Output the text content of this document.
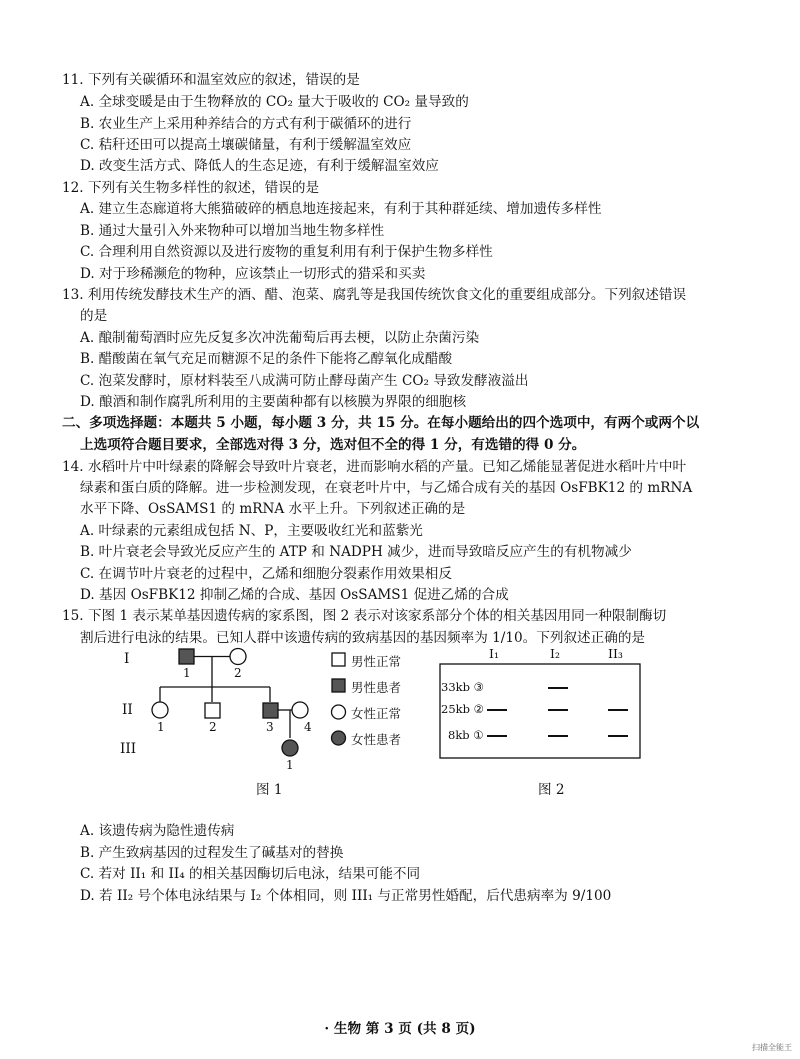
11. 下列有关碳循环和温室效应的叙述，错误的是
A. 全球变暖是由于生物释放的 CO₂ 量大于吸收的 CO₂ 量导致的
B. 农业生产上采用种养结合的方式有利于碳循环的进行
C. 秸秆还田可以提高土壤碳储量，有利于缓解温室效应
D. 改变生活方式、降低人的生态足迹，有利于缓解温室效应
12. 下列有关生物多样性的叙述，错误的是
A. 建立生态廊道将大熊猫破碎的栖息地连接起来，有利于其种群延续、增加遗传多样性
B. 通过大量引入外来物种可以增加当地生物多样性
C. 合理利用自然资源以及进行废物的重复利用有利于保护生物多样性
D. 对于珍稀濒危的物种，应该禁止一切形式的猎采和买卖
13. 利用传统发酵技术生产的酒、醋、泡菜、腐乳等是我国传统饮食文化的重要组成部分。下列叙述错误
的是
A. 酿制葡萄酒时应先反复多次冲洗葡萄后再去梗，以防止杂菌污染
B. 醋酸菌在氧气充足而糖源不足的条件下能将乙醇氧化成醋酸
C. 泡菜发酵时，原材料装至八成满可防止酵母菌产生 CO₂ 导致发酵液溢出
D. 酿酒和制作腐乳所利用的主要菌种都有以核膜为界限的细胞核
二、多项选择题：本题共 5 小题，每小题 3 分，共 15 分。在每小题给出的四个选项中，有两个或两个以
上选项符合题目要求，全部选对得 3 分，选对但不全的得 1 分，有选错的得 0 分。
14. 水稻叶片中叶绿素的降解会导致叶片衰老，进而影响水稻的产量。已知乙烯能显著促进水稻叶片中叶
绿素和蛋白质的降解。进一步检测发现，在衰老叶片中，与乙烯合成有关的基因 OsFBK12 的 mRNA
水平下降、OsSAMS1 的 mRNA 水平上升。下列叙述正确的是
A. 叶绿素的元素组成包括 N、P，主要吸收红光和蓝紫光
B. 叶片衰老会导致光反应产生的 ATP 和 NADPH 减少，进而导致暗反应产生的有机物减少
C. 在调节叶片衰老的过程中，乙烯和细胞分裂素作用效果相反
D. 基因 OsFBK12 抑制乙烯的合成、基因 OsSAMS1 促进乙烯的合成
15. 下图 1 表示某单基因遗传病的家系图，图 2 表示对该家系部分个体的相关基因用同一种限制酶切
割后进行电泳的结果。已知人群中该遗传病的致病基因的基因频率为 1/10。下列叙述正确的是
A. 该遗传病为隐性遗传病
B. 产生致病基因的过程发生了碱基对的替换
C. 若对 II₁ 和 II₄ 的相关基因酶切后电泳，结果可能不同
D. 若 II₂ 号个体电泳结果与 I₂ 个体相同，则 III₁ 与正常男性婚配，后代患病率为 9/100
I
II
III
1	2
1	2	3	4
1
图 1
男性正常
男性患者
女性正常
女性患者
I₁	I₂	II₃
33kb ③
25kb ②
8kb ①
图 2
· 生物 第 3 页 (共 8 页)
扫描全能王
